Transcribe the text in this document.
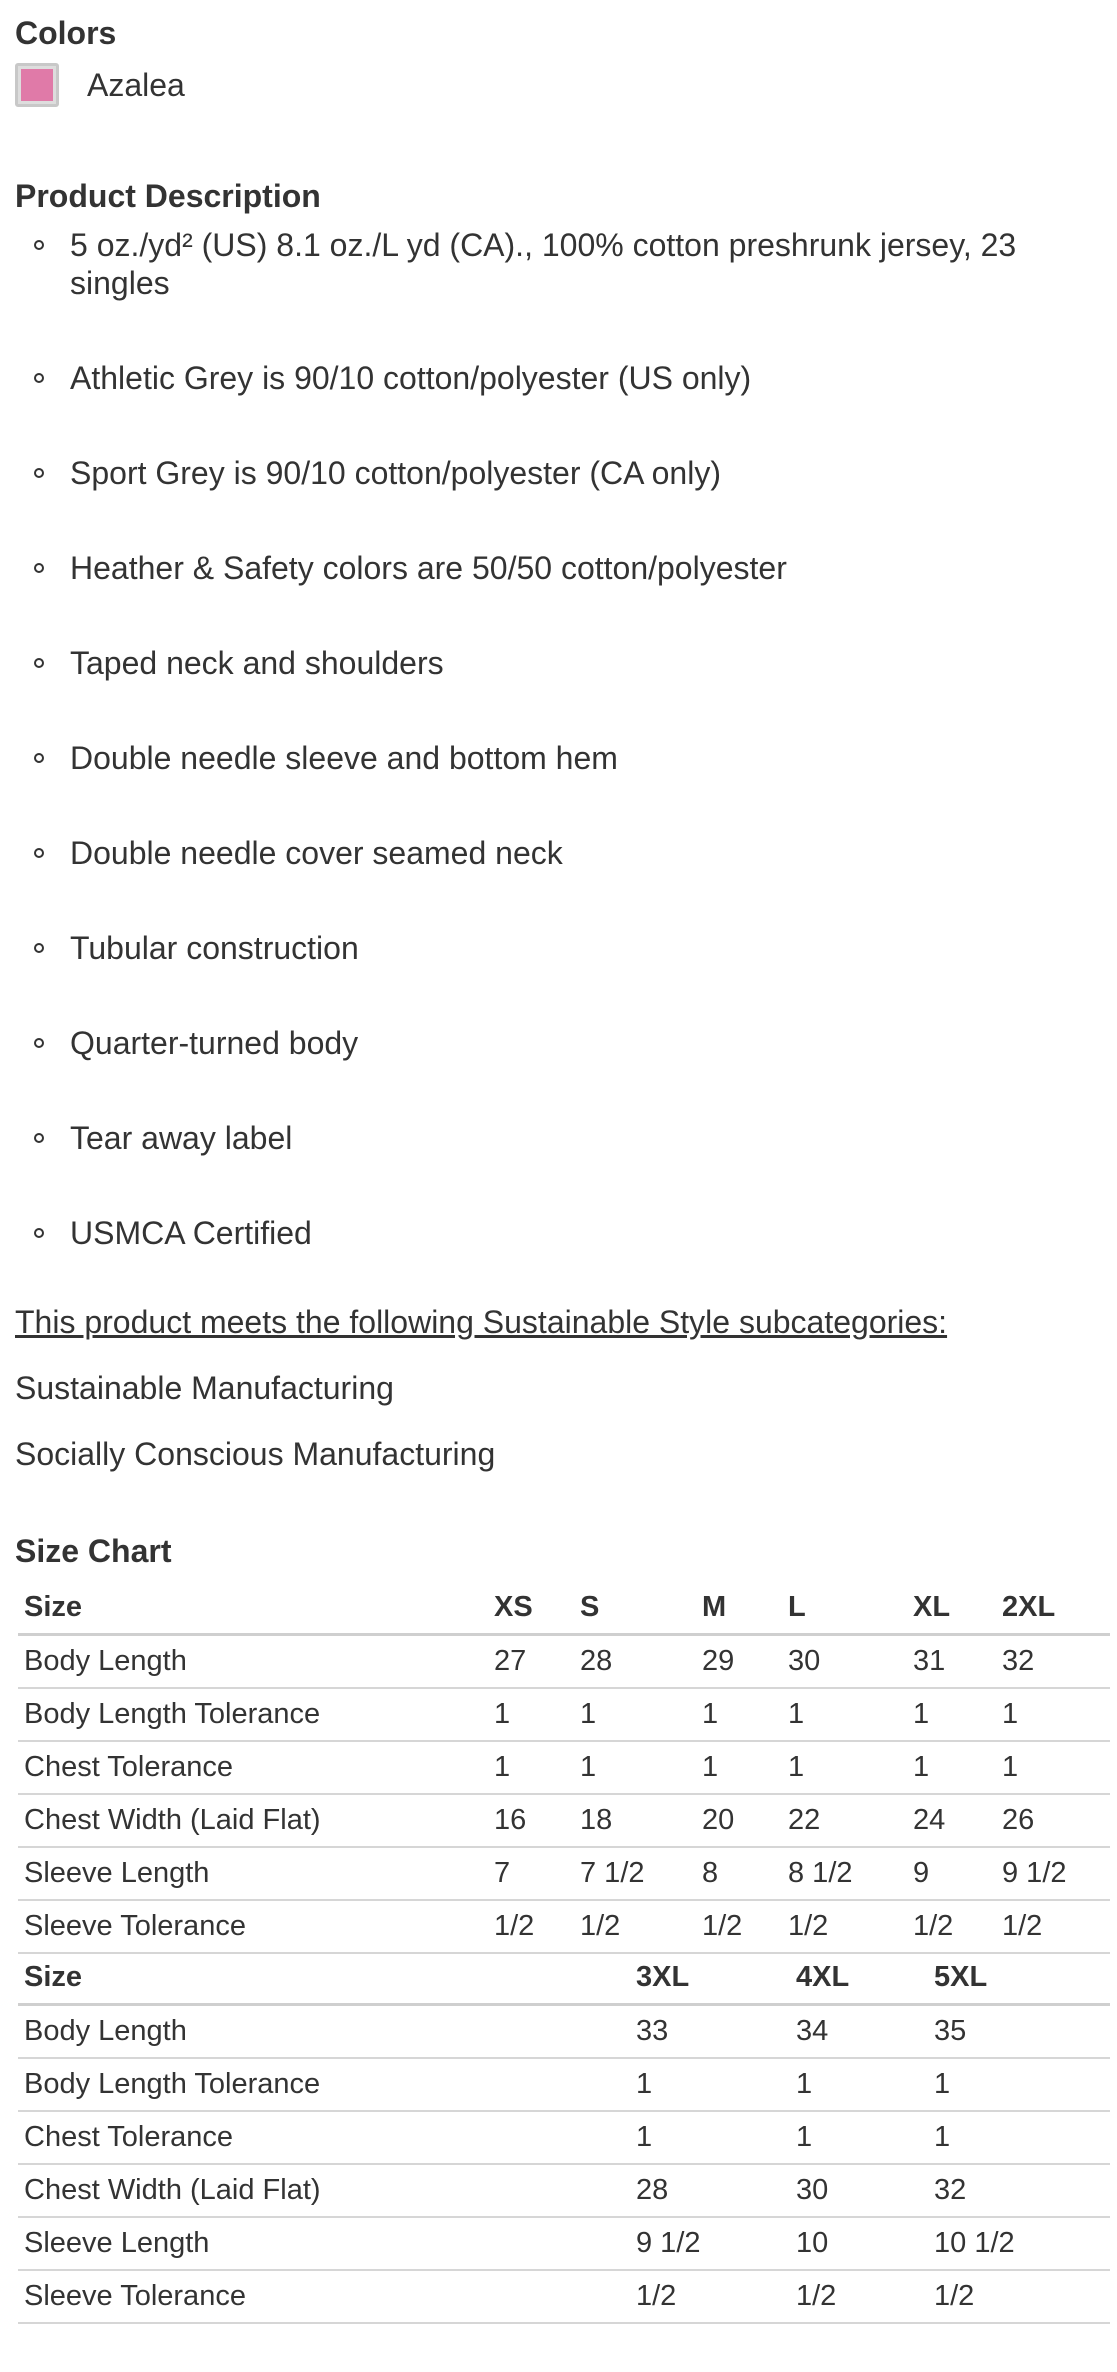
Colors
Azalea
Product Description
5 oz./yd² (US) 8.1 oz./L yd (CA)., 100% cotton preshrunk jersey, 23 singles
Athletic Grey is 90/10 cotton/polyester (US only)
Sport Grey is 90/10 cotton/polyester (CA only)
Heather & Safety colors are 50/50 cotton/polyester
Taped neck and shoulders
Double needle sleeve and bottom hem
Double needle cover seamed neck
Tubular construction
Quarter-turned body
Tear away label
USMCA Certified
This product meets the following Sustainable Style subcategories:
Sustainable Manufacturing
Socially Conscious Manufacturing
Size Chart
Size	XS	S	M	L	XL	2XL
Body Length	27	28	29	30	31	32
Body Length Tolerance	1	1	1	1	1	1
Chest Tolerance	1	1	1	1	1	1
Chest Width (Laid Flat)	16	18	20	22	24	26
Sleeve Length	7	7 1/2	8	8 1/2	9	9 1/2
Sleeve Tolerance	1/2	1/2	1/2	1/2	1/2	1/2
Size	3XL	4XL	5XL
Body Length	33	34	35
Body Length Tolerance	1	1	1
Chest Tolerance	1	1	1
Chest Width (Laid Flat)	28	30	32
Sleeve Length	9 1/2	10	10 1/2
Sleeve Tolerance	1/2	1/2	1/2
